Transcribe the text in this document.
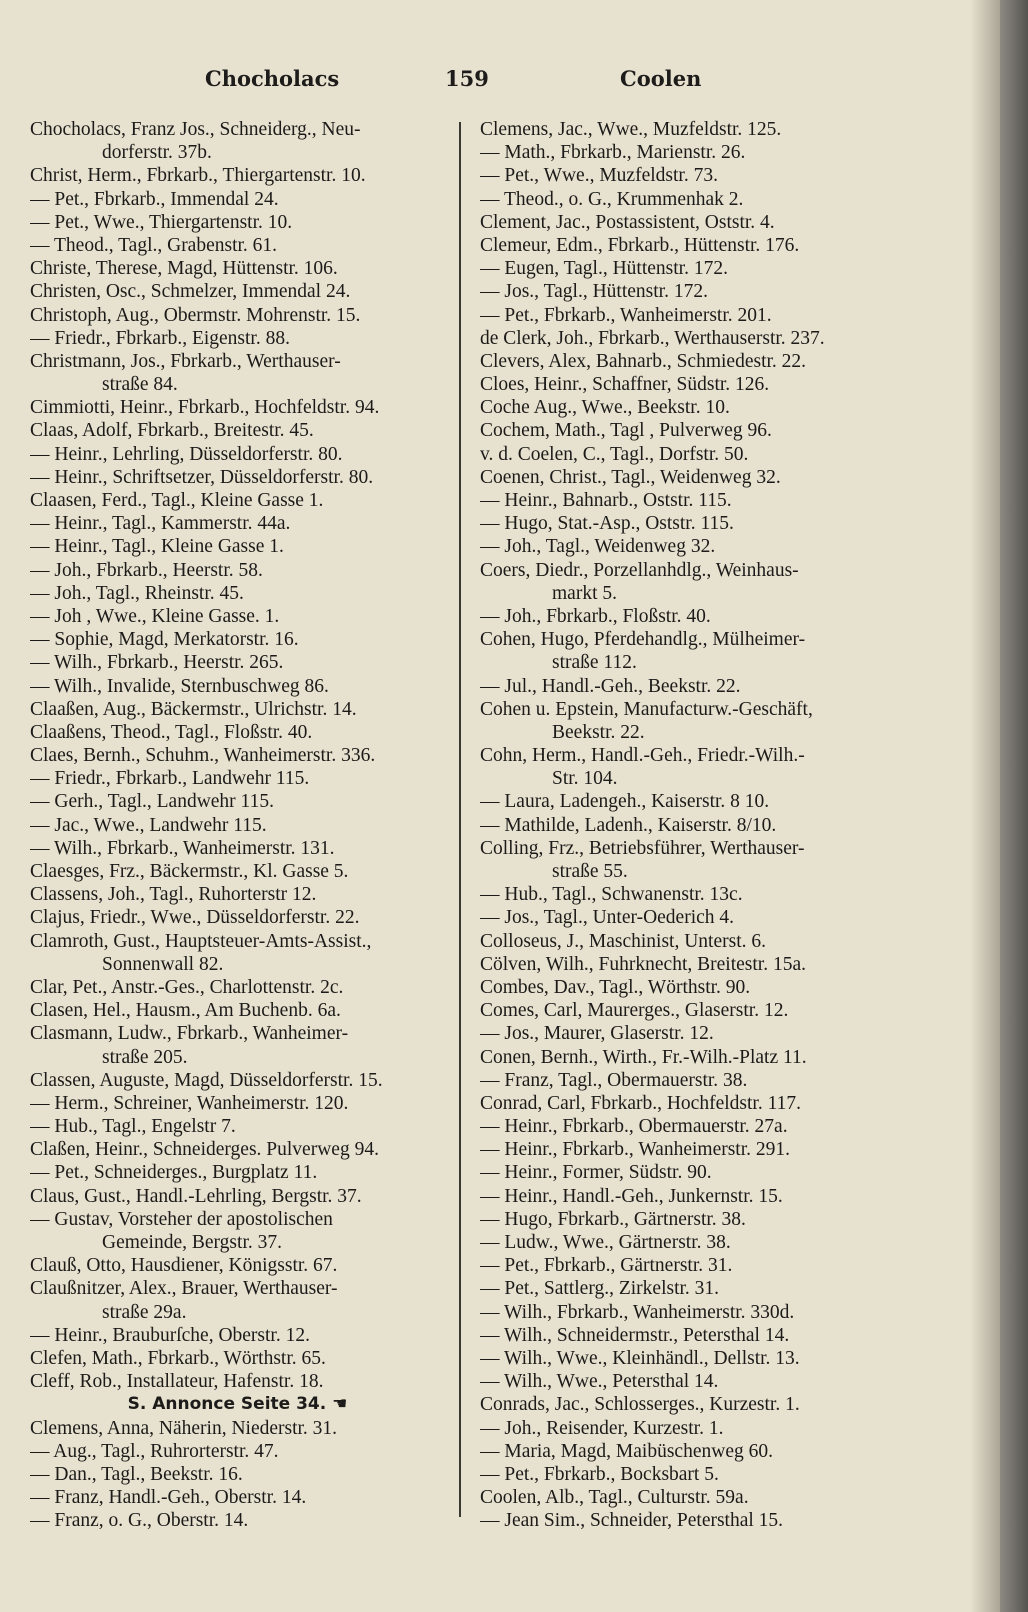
Chocholacs	159	Coolen
Chocholacs, Franz Jos., Schneiderg., Neu-
dorferstr. 37b.
Christ, Herm., Fbrkarb., Thiergartenstr. 10.
— Pet., Fbrkarb., Immendal 24.
— Pet., Wwe., Thiergartenstr. 10.
— Theod., Tagl., Grabenstr. 61.
Christe, Therese, Magd, Hüttenstr. 106.
Christen, Osc., Schmelzer, Immendal 24.
Christoph, Aug., Obermstr. Mohrenstr. 15.
— Friedr., Fbrkarb., Eigenstr. 88.
Christmann, Jos., Fbrkarb., Werthauser-
straße 84.
Cimmiotti, Heinr., Fbrkarb., Hochfeldstr. 94.
Claas, Adolf, Fbrkarb., Breitestr. 45.
— Heinr., Lehrling, Düsseldorferstr. 80.
— Heinr., Schriftsetzer, Düsseldorferstr. 80.
Claasen, Ferd., Tagl., Kleine Gasse 1.
— Heinr., Tagl., Kammerstr. 44a.
— Heinr., Tagl., Kleine Gasse 1.
— Joh., Fbrkarb., Heerstr. 58.
— Joh., Tagl., Rheinstr. 45.
— Joh , Wwe., Kleine Gasse. 1.
— Sophie, Magd, Merkatorstr. 16.
— Wilh., Fbrkarb., Heerstr. 265.
— Wilh., Invalide, Sternbuschweg 86.
Claaßen, Aug., Bäckermstr., Ulrichstr. 14.
Claaßens, Theod., Tagl., Floßstr. 40.
Claes, Bernh., Schuhm., Wanheimerstr. 336.
— Friedr., Fbrkarb., Landwehr 115.
— Gerh., Tagl., Landwehr 115.
— Jac., Wwe., Landwehr 115.
— Wilh., Fbrkarb., Wanheimerstr. 131.
Claesges, Frz., Bäckermstr., Kl. Gasse 5.
Classens, Joh., Tagl., Ruhorterstr 12.
Clajus, Friedr., Wwe., Düsseldorferstr. 22.
Clamroth, Gust., Hauptsteuer-Amts-Assist.,
Sonnenwall 82.
Clar, Pet., Anstr.-Ges., Charlottenstr. 2c.
Clasen, Hel., Hausm., Am Buchenb. 6a.
Clasmann, Ludw., Fbrkarb., Wanheimer-
straße 205.
Classen, Auguste, Magd, Düsseldorferstr. 15.
— Herm., Schreiner, Wanheimerstr. 120.
— Hub., Tagl., Engelstr 7.
Claßen, Heinr., Schneiderges. Pulverweg 94.
— Pet., Schneiderges., Burgplatz 11.
Claus, Gust., Handl.-Lehrling, Bergstr. 37.
— Gustav, Vorsteher der apostolischen
Gemeinde, Bergstr. 37.
Clauß, Otto, Hausdiener, Königsstr. 67.
Claußnitzer, Alex., Brauer, Werthauser-
straße 29a.
— Heinr., Brauburſche, Oberstr. 12.
Clefen, Math., Fbrkarb., Wörthstr. 65.
Cleff, Rob., Installateur, Hafenstr. 18.
S. Annonce Seite 34. ☚
Clemens, Anna, Näherin, Niederstr. 31.
— Aug., Tagl., Ruhrorterstr. 47.
— Dan., Tagl., Beekstr. 16.
— Franz, Handl.-Geh., Oberstr. 14.
— Franz, o. G., Oberstr. 14.
Clemens, Jac., Wwe., Muzfeldstr. 125.
— Math., Fbrkarb., Marienstr. 26.
— Pet., Wwe., Muzfeldstr. 73.
— Theod., o. G., Krummenhak 2.
Clement, Jac., Postassistent, Oststr. 4.
Clemeur, Edm., Fbrkarb., Hüttenstr. 176.
— Eugen, Tagl., Hüttenstr. 172.
— Jos., Tagl., Hüttenstr. 172.
— Pet., Fbrkarb., Wanheimerstr. 201.
de Clerk, Joh., Fbrkarb., Werthauserstr. 237.
Clevers, Alex, Bahnarb., Schmiedestr. 22.
Cloes, Heinr., Schaffner, Südstr. 126.
Coche Aug., Wwe., Beekstr. 10.
Cochem, Math., Tagl , Pulverweg 96.
v. d. Coelen, C., Tagl., Dorfstr. 50.
Coenen, Christ., Tagl., Weidenweg 32.
— Heinr., Bahnarb., Oststr. 115.
— Hugo, Stat.-Asp., Oststr. 115.
— Joh., Tagl., Weidenweg 32.
Coers, Diedr., Porzellanhdlg., Weinhaus-
markt 5.
— Joh., Fbrkarb., Floßstr. 40.
Cohen, Hugo, Pferdehandlg., Mülheimer-
straße 112.
— Jul., Handl.-Geh., Beekstr. 22.
Cohen u. Epstein, Manufacturw.-Geschäft,
Beekstr. 22.
Cohn, Herm., Handl.-Geh., Friedr.-Wilh.-
Str. 104.
— Laura, Ladengeh., Kaiserstr. 8 10.
— Mathilde, Ladenh., Kaiserstr. 8/10.
Colling, Frz., Betriebsführer, Werthauser-
straße 55.
— Hub., Tagl., Schwanenstr. 13c.
— Jos., Tagl., Unter-Oederich 4.
Colloseus, J., Maschinist, Unterst. 6.
Cölven, Wilh., Fuhrknecht, Breitestr. 15a.
Combes, Dav., Tagl., Wörthstr. 90.
Comes, Carl, Maurerges., Glaserstr. 12.
— Jos., Maurer, Glaserstr. 12.
Conen, Bernh., Wirth., Fr.-Wilh.-Platz 11.
— Franz, Tagl., Obermauerstr. 38.
Conrad, Carl, Fbrkarb., Hochfeldstr. 117.
— Heinr., Fbrkarb., Obermauerstr. 27a.
— Heinr., Fbrkarb., Wanheimerstr. 291.
— Heinr., Former, Südstr. 90.
— Heinr., Handl.-Geh., Junkernstr. 15.
— Hugo, Fbrkarb., Gärtnerstr. 38.
— Ludw., Wwe., Gärtnerstr. 38.
— Pet., Fbrkarb., Gärtnerstr. 31.
— Pet., Sattlerg., Zirkelstr. 31.
— Wilh., Fbrkarb., Wanheimerstr. 330d.
— Wilh., Schneidermstr., Petersthal 14.
— Wilh., Wwe., Kleinhändl., Dellstr. 13.
— Wilh., Wwe., Petersthal 14.
Conrads, Jac., Schlosserges., Kurzestr. 1.
— Joh., Reisender, Kurzestr. 1.
— Maria, Magd, Maibüschenweg 60.
— Pet., Fbrkarb., Bocksbart 5.
Coolen, Alb., Tagl., Culturstr. 59a.
— Jean Sim., Schneider, Petersthal 15.
